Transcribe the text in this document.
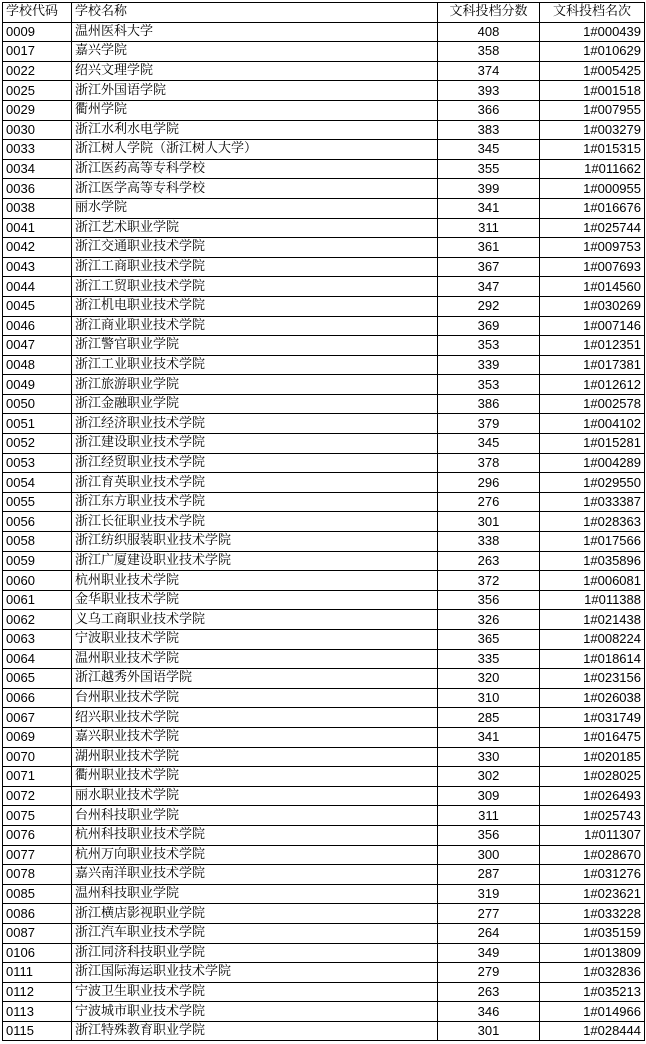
学校代码	学校名称	文科投档分数	文科投档名次
0009	温州医科大学	408	1#000439
0017	嘉兴学院	358	1#010629
0022	绍兴文理学院	374	1#005425
0025	浙江外国语学院	393	1#001518
0029	衢州学院	366	1#007955
0030	浙江水利水电学院	383	1#003279
0033	浙江树人学院（浙江树人大学）	345	1#015315
0034	浙江医药高等专科学校	355	1#011662
0036	浙江医学高等专科学校	399	1#000955
0038	丽水学院	341	1#016676
0041	浙江艺术职业学院	311	1#025744
0042	浙江交通职业技术学院	361	1#009753
0043	浙江工商职业技术学院	367	1#007693
0044	浙江工贸职业技术学院	347	1#014560
0045	浙江机电职业技术学院	292	1#030269
0046	浙江商业职业技术学院	369	1#007146
0047	浙江警官职业学院	353	1#012351
0048	浙江工业职业技术学院	339	1#017381
0049	浙江旅游职业学院	353	1#012612
0050	浙江金融职业学院	386	1#002578
0051	浙江经济职业技术学院	379	1#004102
0052	浙江建设职业技术学院	345	1#015281
0053	浙江经贸职业技术学院	378	1#004289
0054	浙江育英职业技术学院	296	1#029550
0055	浙江东方职业技术学院	276	1#033387
0056	浙江长征职业技术学院	301	1#028363
0058	浙江纺织服装职业技术学院	338	1#017566
0059	浙江广厦建设职业技术学院	263	1#035896
0060	杭州职业技术学院	372	1#006081
0061	金华职业技术学院	356	1#011388
0062	义乌工商职业技术学院	326	1#021438
0063	宁波职业技术学院	365	1#008224
0064	温州职业技术学院	335	1#018614
0065	浙江越秀外国语学院	320	1#023156
0066	台州职业技术学院	310	1#026038
0067	绍兴职业技术学院	285	1#031749
0069	嘉兴职业技术学院	341	1#016475
0070	湖州职业技术学院	330	1#020185
0071	衢州职业技术学院	302	1#028025
0072	丽水职业技术学院	309	1#026493
0075	台州科技职业学院	311	1#025743
0076	杭州科技职业技术学院	356	1#011307
0077	杭州万向职业技术学院	300	1#028670
0078	嘉兴南洋职业技术学院	287	1#031276
0085	温州科技职业学院	319	1#023621
0086	浙江横店影视职业学院	277	1#033228
0087	浙江汽车职业技术学院	264	1#035159
0106	浙江同济科技职业学院	349	1#013809
0111	浙江国际海运职业技术学院	279	1#032836
0112	宁波卫生职业技术学院	263	1#035213
0113	宁波城市职业技术学院	346	1#014966
0115	浙江特殊教育职业学院	301	1#028444
